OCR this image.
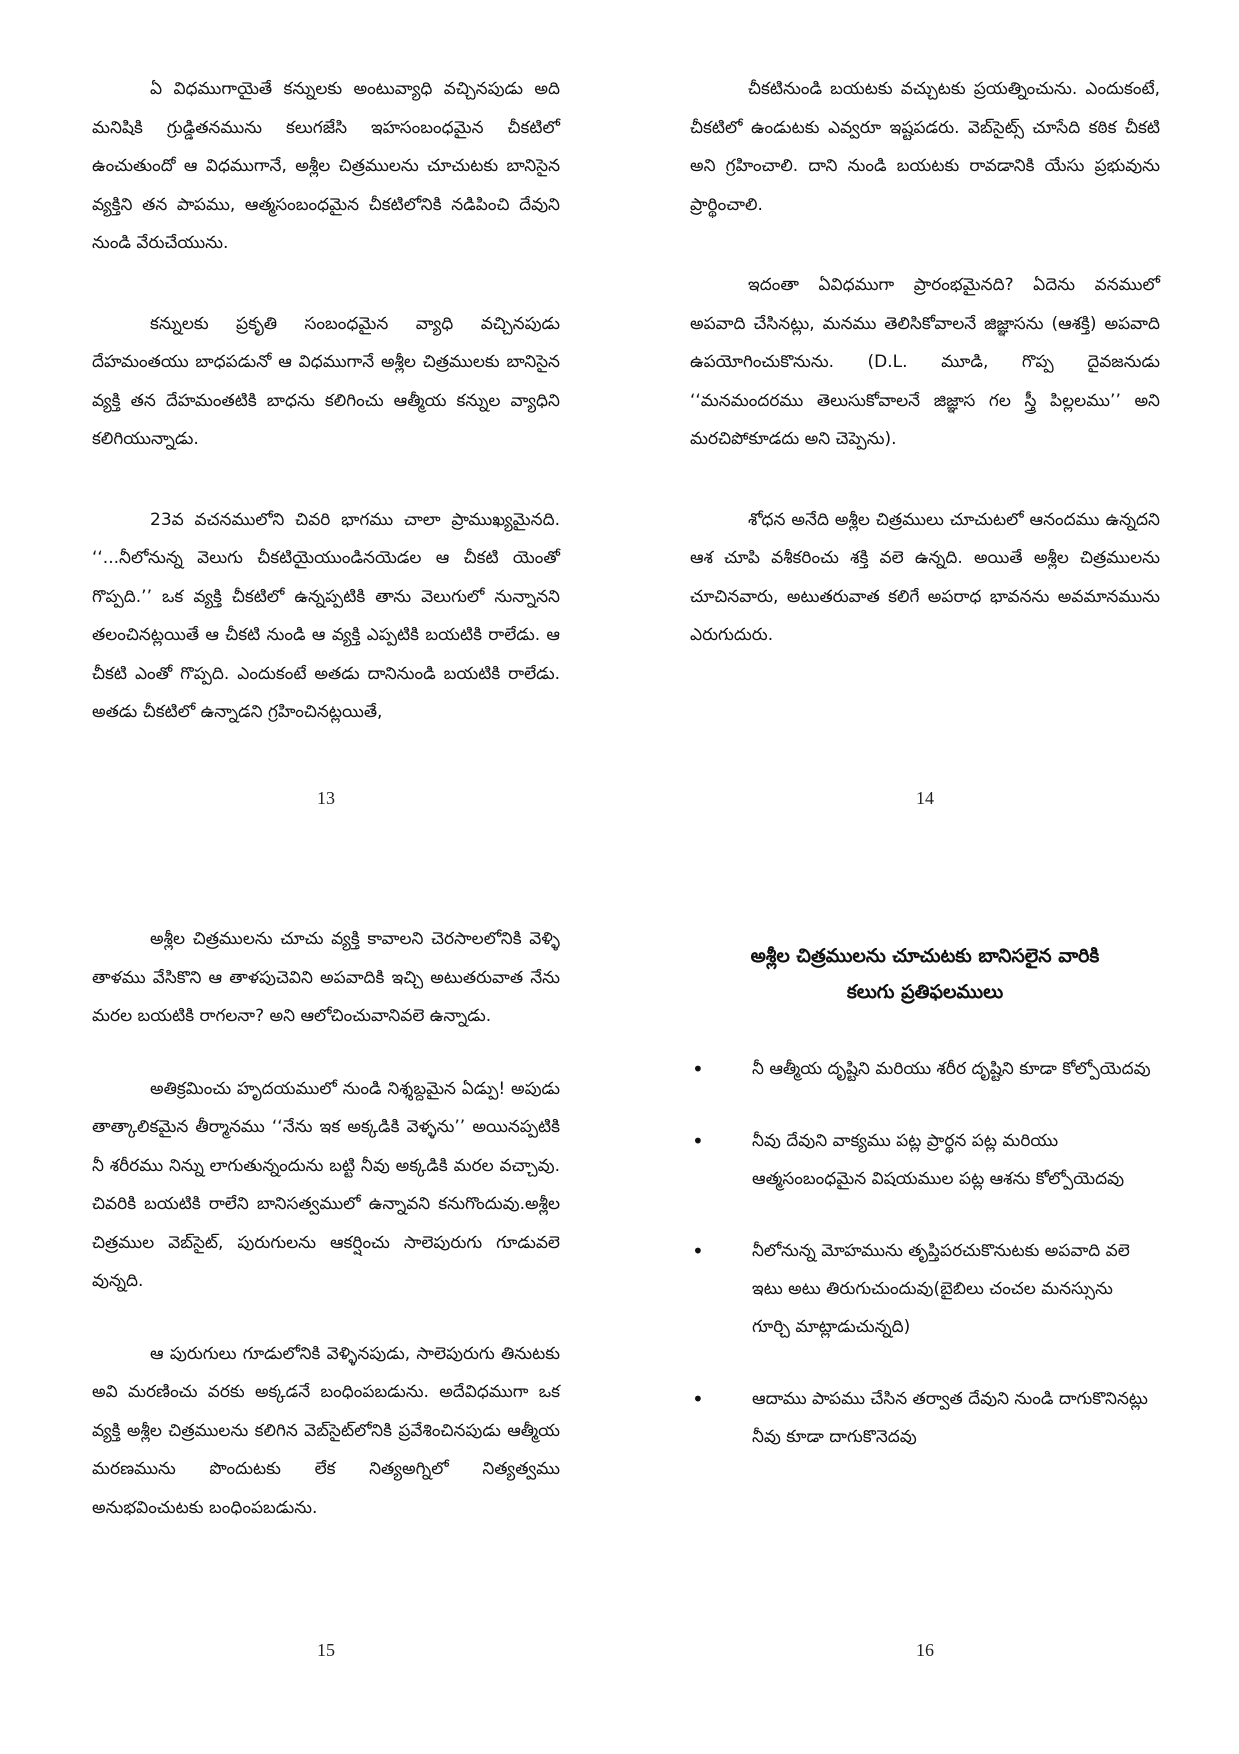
ఏ విధముగాయైతే కన్నులకు అంటువ్యాధి వచ్చినపుడు అది మనిషికి గ్రుడ్డితనమును కలుగజేసి ఇహసంబంధమైన చీకటిలో ఉంచుతుందో ఆ విధముగానే, అశ్లీల చిత్రములను చూచుటకు బానిసైన వ్యక్తిని తన పాపము, ఆత్మసంబంధమైన చీకటిలోనికి నడిపించి దేవుని నుండి వేరుచేయును.

కన్నులకు ప్రకృతి సంబంధమైన వ్యాధి వచ్చినపుడు దేహమంతయు బాధపడునో ఆ విధముగానే అశ్లీల చిత్రములకు బానిసైన వ్యక్తి తన దేహమంతటికి బాధను కలిగించు ఆత్మీయ కన్నుల వ్యాధిని కలిగియున్నాడు.

23వ వచనములోని చివరి భాగము చాలా ప్రాముఖ్యమైనది. ‘‘...నీలోనున్న వెలుగు చీకటియైయుండినయెడల ఆ చీకటి యెంతో గొప్పది.’’ ఒక వ్యక్తి చీకటిలో ఉన్నప్పటికి తాను వెలుగులో నున్నానని తలంచినట్లయితే ఆ చీకటి నుండి ఆ వ్యక్తి ఎప్పటికి బయటికి రాలేడు. ఆ చీకటి ఎంతో గొప్పది. ఎందుకంటే అతడు దానినుండి బయటికి రాలేడు. అతడు చీకటిలో ఉన్నాడని గ్రహించినట్లయితే,

13

చీకటినుండి బయటకు వచ్చుటకు ప్రయత్నించును. ఎందుకంటే, చీకటిలో ఉండుటకు ఎవ్వరూ ఇష్టపడరు. వెబ్‌సైట్స్ చూసేది కఠిక చీకటి అని గ్రహించాలి. దాని నుండి బయటకు రావడానికి యేసు ప్రభువును ప్రార్థించాలి.

ఇదంతా ఏవిధముగా ప్రారంభమైనది? ఏదెను వనములో అపవాది చేసినట్లు, మనము తెలిసికోవాలనే జిజ్ఞాసను (ఆశక్తి) అపవాది ఉపయోగించుకొనును. (D.L. మూడి, గొప్ప దైవజనుడు ‘‘మనమందరము తెలుసుకోవాలనే జిజ్ఞాస గల స్త్రీ పిల్లలము’’ అని మరచిపోకూడదు అని చెప్పెను).

శోధన అనేది అశ్లీల చిత్రములు చూచుటలో ఆనందము ఉన్నదని ఆశ చూపి వశీకరించు శక్తి వలె ఉన్నది. అయితే అశ్లీల చిత్రములను చూచినవారు, అటుతరువాత కలిగే అపరాధ భావనను అవమానమును ఎరుగుదురు.

14

అశ్లీల చిత్రములను చూచు వ్యక్తి కావాలని చెరసాలలోనికి వెళ్ళి తాళము వేసికొని ఆ తాళపుచెవిని అపవాదికి ఇచ్చి అటుతరువాత నేను మరల బయటికి రాగలనా? అని ఆలోచించువానివలె ఉన్నాడు.

అతిక్రమించు హృదయములో నుండి నిశ్శబ్దమైన ఏడ్పు! అపుడు తాత్కాలికమైన తీర్మానము ‘‘నేను ఇక అక్కడికి వెళ్ళను’’ అయినప్పటికి నీ శరీరము నిన్ను లాగుతున్నందును బట్టి నీవు అక్కడికి మరల వచ్చావు. చివరికి బయటికి రాలేని బానిసత్వములో ఉన్నావని కనుగొందువు.అశ్లీల చిత్రముల వెబ్‌సైట్, పురుగులను ఆకర్షించు సాలెపురుగు గూడువలె వున్నది.

ఆ పురుగులు గూడులోనికి వెళ్ళినపుడు, సాలెపురుగు తినుటకు అవి మరణించు వరకు అక్కడనే బంధింపబడును. అదేవిధముగా ఒక వ్యక్తి అశ్లీల చిత్రములను కలిగిన వెబ్‌సైట్‌లోనికి ప్రవేశించినపుడు ఆత్మీయ మరణమును పొందుటకు లేక నిత్యఅగ్నిలో నిత్యత్వము అనుభవించుటకు బంధింపబడును.

15
అశ్లీల చిత్రములను చూచుటకు బానిసలైన వారికి
కలుగు ప్రతిఫలములు
•	నీ ఆత్మీయ దృష్టిని మరియు శరీర దృష్టిని కూడా కోల్పోయెదవు
•	నీవు దేవుని వాక్యము పట్ల ప్రార్థన పట్ల మరియు ఆత్మసంబంధమైన విషయముల పట్ల ఆశను కోల్పోయెదవు
•	నీలోనున్న మోహమును తృప్తిపరచుకొనుటకు అపవాది వలె ఇటు అటు తిరుగుచుందువు(బైబిలు చంచల మనస్సును గూర్చి మాట్లాడుచున్నది)
•	ఆదాము పాపము చేసిన తర్వాత దేవుని నుండి దాగుకొనినట్లు నీవు కూడా దాగుకొనెదవు
16
